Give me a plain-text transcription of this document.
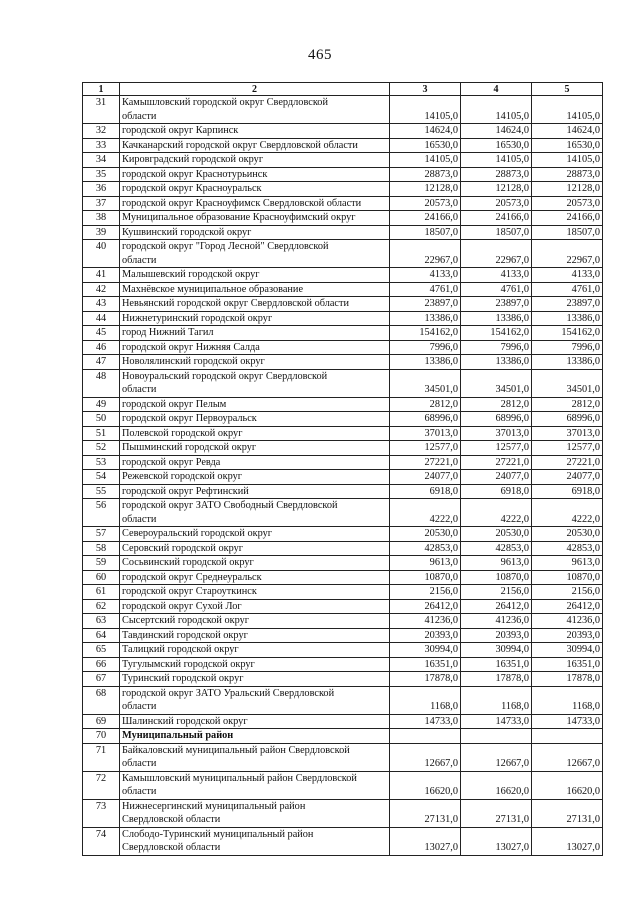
465
1	2	3	4	5
31	Камышловский городской округ Свердловской
области	14105,0	14105,0	14105,0
32	городской округ Карпинск	14624,0	14624,0	14624,0
33	Качканарский городской округ Свердловской области	16530,0	16530,0	16530,0
34	Кировградский городской округ	14105,0	14105,0	14105,0
35	городской округ Краснотурьинск	28873,0	28873,0	28873,0
36	городской округ Красноуральск	12128,0	12128,0	12128,0
37	городской округ Красноуфимск Свердловской области	20573,0	20573,0	20573,0
38	Муниципальное образование Красноуфимский округ	24166,0	24166,0	24166,0
39	Кушвинский городской округ	18507,0	18507,0	18507,0
40	городской округ "Город Лесной" Свердловской
области	22967,0	22967,0	22967,0
41	Малышевский городской округ	4133,0	4133,0	4133,0
42	Махнёвское муниципальное образование	4761,0	4761,0	4761,0
43	Невьянский городской округ Свердловской области	23897,0	23897,0	23897,0
44	Нижнетуринский городской округ	13386,0	13386,0	13386,0
45	город Нижний Тагил	154162,0	154162,0	154162,0
46	городской округ Нижняя Салда	7996,0	7996,0	7996,0
47	Новолялинский городской округ	13386,0	13386,0	13386,0
48	Новоуральский городской округ Свердловской
области	34501,0	34501,0	34501,0
49	городской округ Пелым	2812,0	2812,0	2812,0
50	городской округ Первоуральск	68996,0	68996,0	68996,0
51	Полевской городской округ	37013,0	37013,0	37013,0
52	Пышминский городской округ	12577,0	12577,0	12577,0
53	городской округ Ревда	27221,0	27221,0	27221,0
54	Режевской городской округ	24077,0	24077,0	24077,0
55	городской округ Рефтинский	6918,0	6918,0	6918,0
56	городской округ ЗАТО Свободный Свердловской
области	4222,0	4222,0	4222,0
57	Североуральский городской округ	20530,0	20530,0	20530,0
58	Серовский городской округ	42853,0	42853,0	42853,0
59	Сосьвинский городской округ	9613,0	9613,0	9613,0
60	городской округ Среднеуральск	10870,0	10870,0	10870,0
61	городской округ Староуткинск	2156,0	2156,0	2156,0
62	городской округ Сухой Лог	26412,0	26412,0	26412,0
63	Сысертский городской округ	41236,0	41236,0	41236,0
64	Тавдинский городской округ	20393,0	20393,0	20393,0
65	Талицкий городской округ	30994,0	30994,0	30994,0
66	Тугулымский городской округ	16351,0	16351,0	16351,0
67	Туринский городской округ	17878,0	17878,0	17878,0
68	городской округ ЗАТО Уральский Свердловской
области	1168,0	1168,0	1168,0
69	Шалинский городской округ	14733,0	14733,0	14733,0
70	Муниципальный район			

71	Байкаловский муниципальный район Свердловской
области	12667,0	12667,0	12667,0
72	Камышловский муниципальный район Свердловской
области	16620,0	16620,0	16620,0
73	Нижнесергинский муниципальный район
Свердловской области	27131,0	27131,0	27131,0
74	Слободо-Туринский муниципальный район
Свердловской области	13027,0	13027,0	13027,0
